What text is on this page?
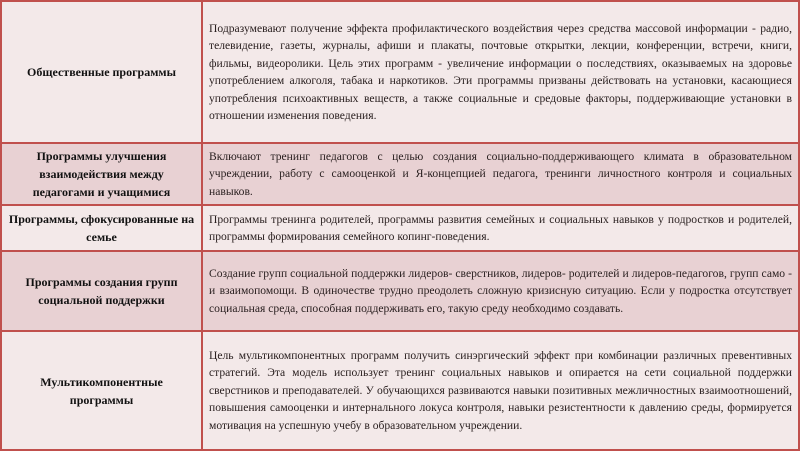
Общественные программы	Подразумевают получение эффекта профилактического воздействия через средства массовой информации - радио, телевидение, газеты, журналы, афиши и плакаты, почтовые открытки, лекции, конференции, встречи, книги, фильмы, видеоролики. Цель этих программ - увеличение информации о последствиях, оказываемых на здоровье употреблением алкоголя, табака и наркотиков. Эти программы призваны действовать на установки, касающиеся употребления психоактивных веществ, а также социальные и средовые факторы, поддерживающие установки в отношении изменения поведения.
Программы улучшения взаимодействия между педагогами и учащимися	Включают тренинг педагогов с целью создания социально-поддерживающего климата в образовательном учреждении, работу с самооценкой и Я-концепцией педагога, тренинги личностного контроля и социальных навыков.
Программы, сфокусированные на семье	Программы тренинга родителей, программы развития семейных и социальных навыков у подростков и родителей, программы формирования семейного копинг-поведения.
Программы создания групп социальной поддержки	Создание групп социальной поддержки лидеров- сверстников, лидеров- родителей и лидеров-педагогов, групп само - и взаимопомощи. В одиночестве трудно преодолеть сложную кризисную ситуацию. Если у подростка отсутствует социальная среда, способная поддерживать его, такую среду необходимо создавать.
Мультикомпонентные программы	Цель мультикомпонентных программ получить синэргический эффект при комбинации различных превентивных стратегий. Эта модель использует тренинг социальных навыков и опирается на сети социальной поддержки сверстников и преподавателей. У обучающихся развиваются навыки позитивных межличностных взаимоотношений, повышения самооценки и интернального локуса контроля, навыки резистентности к давлению среды, формируется мотивация на успешную учебу в образовательном учреждении.
